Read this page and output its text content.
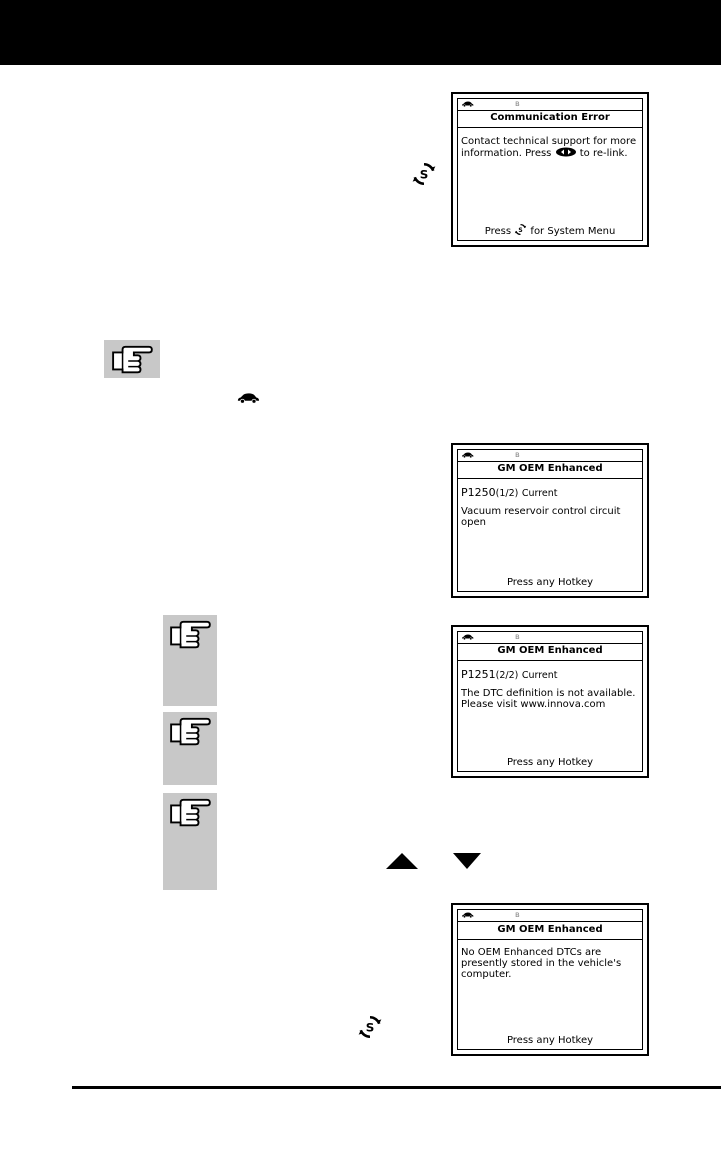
ʙ
Communication Error
Contact technical support for more
information. Press	to re-link.
Press for System Menu
ʙ
GM OEM Enhanced
P1250(1/2) Current
Vacuum reservoir control circuit
open
Press any Hotkey
ʙ
GM OEM Enhanced
P1251(2/2) Current
The DTC definition is not available.
Please visit www.innova.com
Press any Hotkey
ʙ
GM OEM Enhanced
No OEM Enhanced DTCs are
presently stored in the vehicle's
computer.
Press any Hotkey
